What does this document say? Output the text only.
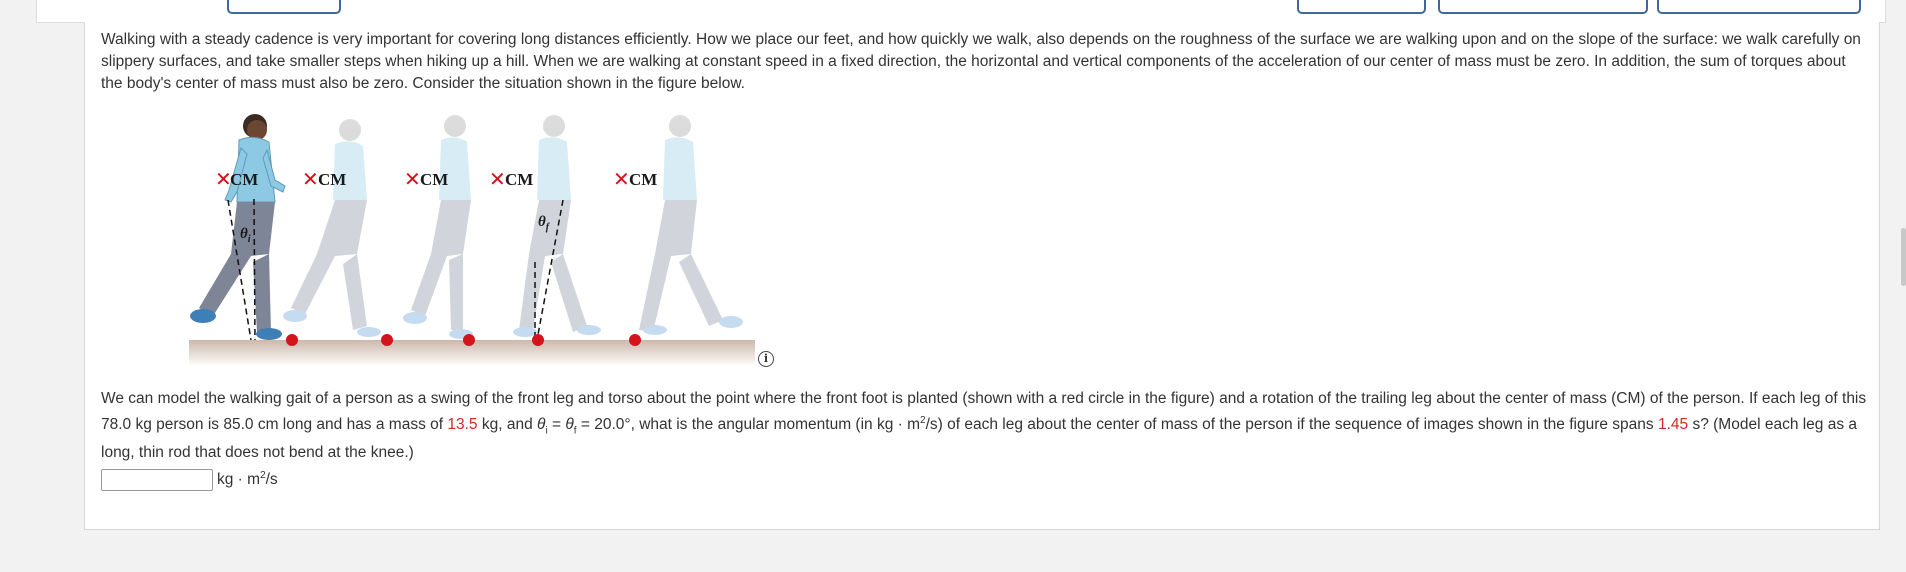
Walking with a steady cadence is very important for covering long distances efficiently. How we place our feet, and how quickly we walk, also depends on the roughness of the surface we are walking upon and on the slope of the surface: we walk carefully on slippery surfaces, and take smaller steps when hiking up a hill. When we are walking at constant speed in a fixed direction, the horizontal and vertical components of the acceleration of our center of mass must be zero. In addition, the sum of torques about the body's center of mass must also be zero. Consider the situation shown in the figure below.
$\theta_i$
$\theta_f$
✕
CM ✕ CM	✕ CM ✕ CM	✕ CM
i
We can model the walking gait of a person as a swing of the front leg and torso about the point where the front foot is planted (shown with a red circle in the figure) and a rotation of the trailing leg about the center of mass (CM) of the person. If each leg of this 78.0 kg person is 85.0 cm long and has a mass of 13.5 kg, and $\theta_i = \theta_f = 20.0^\circ$, what is the angular momentum (in kg · $m^2/s$) of each leg about the center of mass of the person if the sequence of images shown in the figure spans 1.45 s? (Model each leg as a long, thin rod that does not bend at the knee.)
kg · $m^2/s$
